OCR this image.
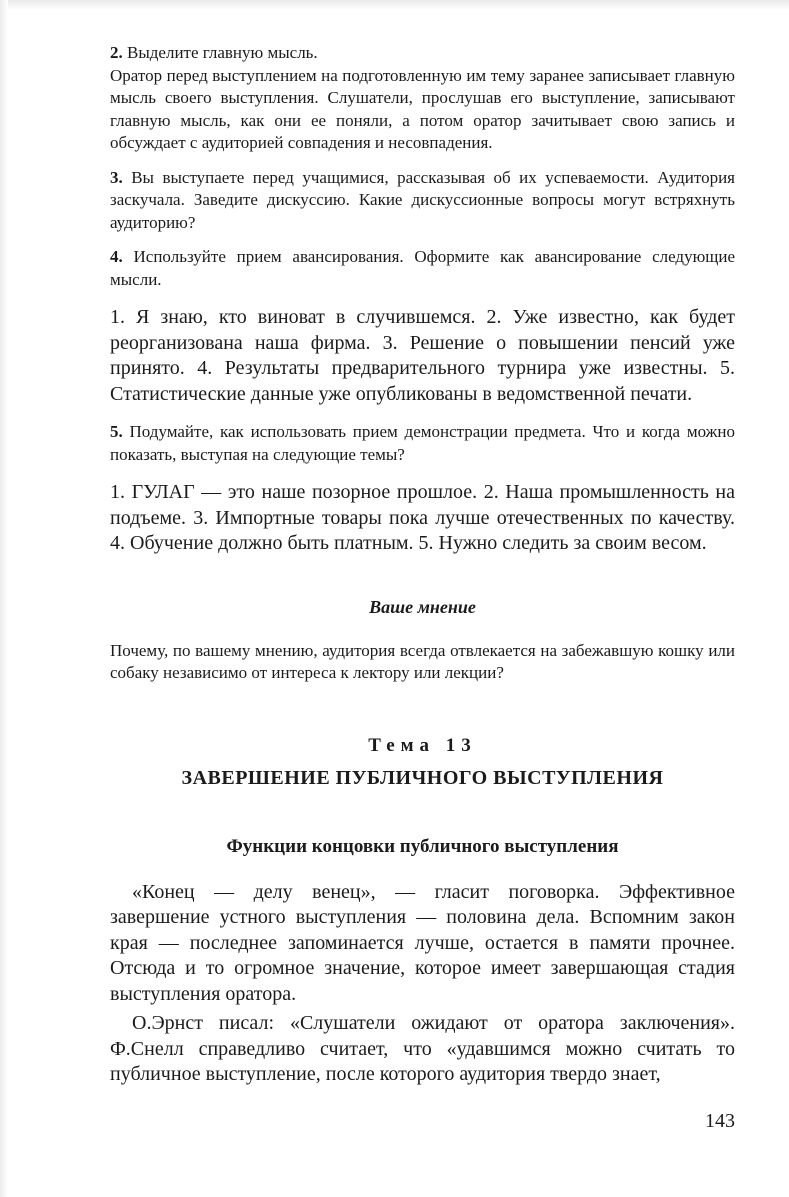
2. Выделите главную мысль.

Оратор перед выступлением на подготовленную им тему заранее записывает главную мысль своего выступления. Слушатели, прослушав его выступление, записывают главную мысль, как они ее поняли, а потом оратор зачитывает свою запись и обсуждает с аудиторией совпадения и несовпадения.

3. Вы выступаете перед учащимися, рассказывая об их успеваемости. Аудитория заскучала. Заведите дискуссию. Какие дискуссионные вопросы могут встряхнуть аудиторию?

4. Используйте прием авансирования. Оформите как авансирование следующие мысли.

1. Я знаю, кто виноват в случившемся. 2. Уже известно, как будет реорганизована наша фирма. 3. Решение о повышении пенсий уже принято. 4. Результаты предварительного турнира уже известны. 5. Статистические данные уже опубликованы в ведомственной печати.

5. Подумайте, как использовать прием демонстрации предмета. Что и когда можно показать, выступая на следующие темы?

1. ГУЛАГ — это наше позорное прошлое. 2. Наша промышленность на подъеме. 3. Импортные товары пока лучше отечественных по качеству. 4. Обучение должно быть платным. 5. Нужно следить за своим весом.

Ваше мнение

Почему, по вашему мнению, аудитория всегда отвлекается на забежавшую кошку или собаку независимо от интереса к лектору или лекции?

Тема 13
ЗАВЕРШЕНИЕ ПУБЛИЧНОГО ВЫСТУПЛЕНИЯ
Функции концовки публичного выступления

«Конец — делу венец», — гласит поговорка. Эффективное завершение устного выступления — половина дела. Вспомним закон края — последнее запоминается лучше, остается в памяти прочнее. Отсюда и то огромное значение, которое имеет завершающая стадия выступления оратора.

О.Эрнст писал: «Слушатели ожидают от оратора заключения». Ф.Снелл справедливо считает, что «удавшимся можно считать то публичное выступление, после которого аудитория твердо знает,

143
